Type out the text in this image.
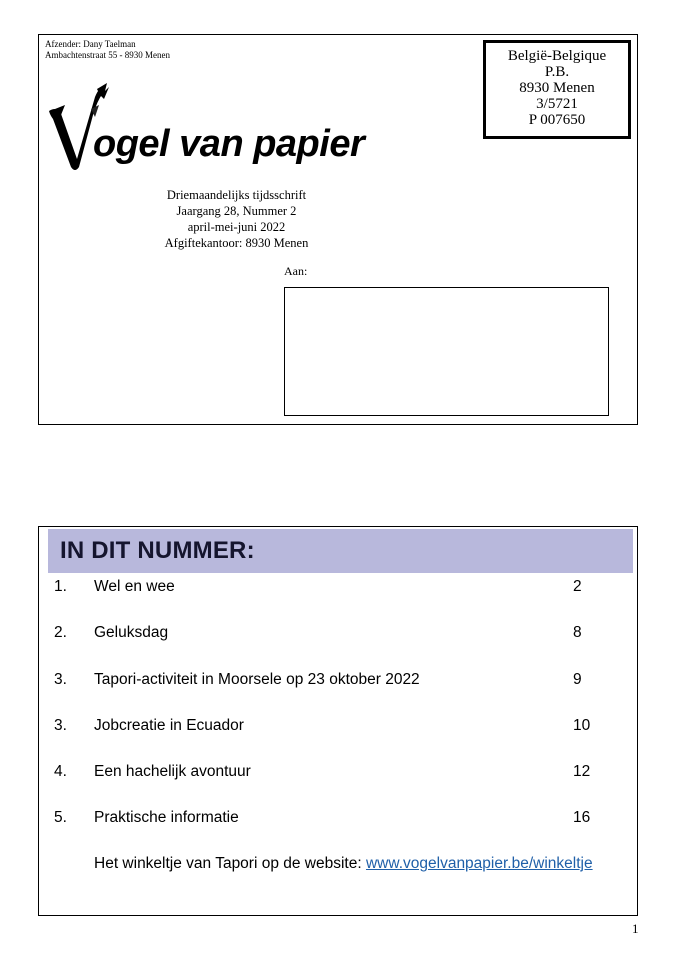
Afzender: Dany Taelman
Ambachtenstraat 55 - 8930 Menen	België-Belgique
P.B.
8930 Menen
3/5721
P 007650
ogel van papier
Driemaandelijks tijdsschrift
Jaargang 28, Nummer 2
april-mei-juni 2022
Afgiftekantoor: 8930 Menen
Aan:
IN DIT NUMMER:
1. Wel en wee	2
2. Geluksdag	8
3. Tapori-activiteit in Moorsele op 23 oktober 2022	9
3. Jobcreatie in Ecuador	10
4. Een hachelijk avontuur	12
5. Praktische informatie	16
Het winkeltje van Tapori op de website: www.vogelvanpapier.be/winkeltje
1
